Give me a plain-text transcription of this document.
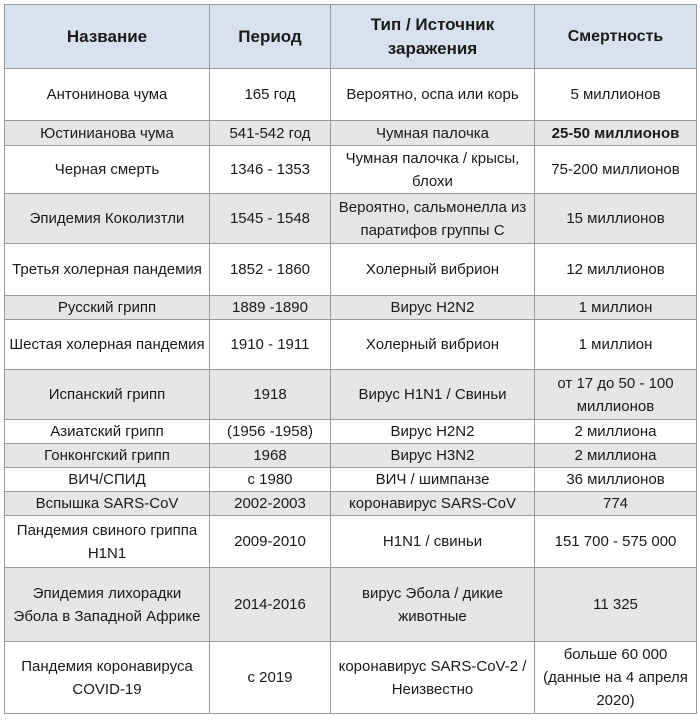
Название	Период	Тип / Источник заражения	Смертность
Антонинова чума	165 год	Вероятно, оспа или корь	5 миллионов
Юстинианова чума	541-542 год	Чумная палочка	25-50 миллионов
Черная смерть	1346 - 1353	Чумная палочка / крысы, блохи	75-200 миллионов
Эпидемия Коколизтли	1545 - 1548	Вероятно, сальмонелла из паратифов группы С	15 миллионов
Третья холерная пандемия	1852 - 1860	Холерный вибрион	12 миллионов
Русский грипп	1889 -1890	Вирус H2N2	1 миллион
Шестая холерная пандемия	1910 - 1911	Холерный вибрион	1 миллион
Испанский грипп	1918	Вирус H1N1 / Свиньи	от 17 до 50 - 100 миллионов
Азиатский грипп	(1956 -1958)	Вирус H2N2	2 миллиона
Гонконгский грипп	1968	Вирус H3N2	2 миллиона
ВИЧ/СПИД	с 1980	ВИЧ / шимпанзе	36 миллионов
Вспышка SARS-CoV	2002-2003	коронавирус SARS-CoV	774
Пандемия свиного гриппа H1N1	2009-2010	H1N1 / свиньи	151 700 - 575 000
Эпидемия лихорадки Эбола в Западной Африке	2014-2016	вирус Эбола / дикие животные	11 325
Пандемия коронавируса COVID-19	с 2019	коронавирус SARS-CoV-2 / Неизвестно	больше 60 000 (данные на 4 апреля 2020)
